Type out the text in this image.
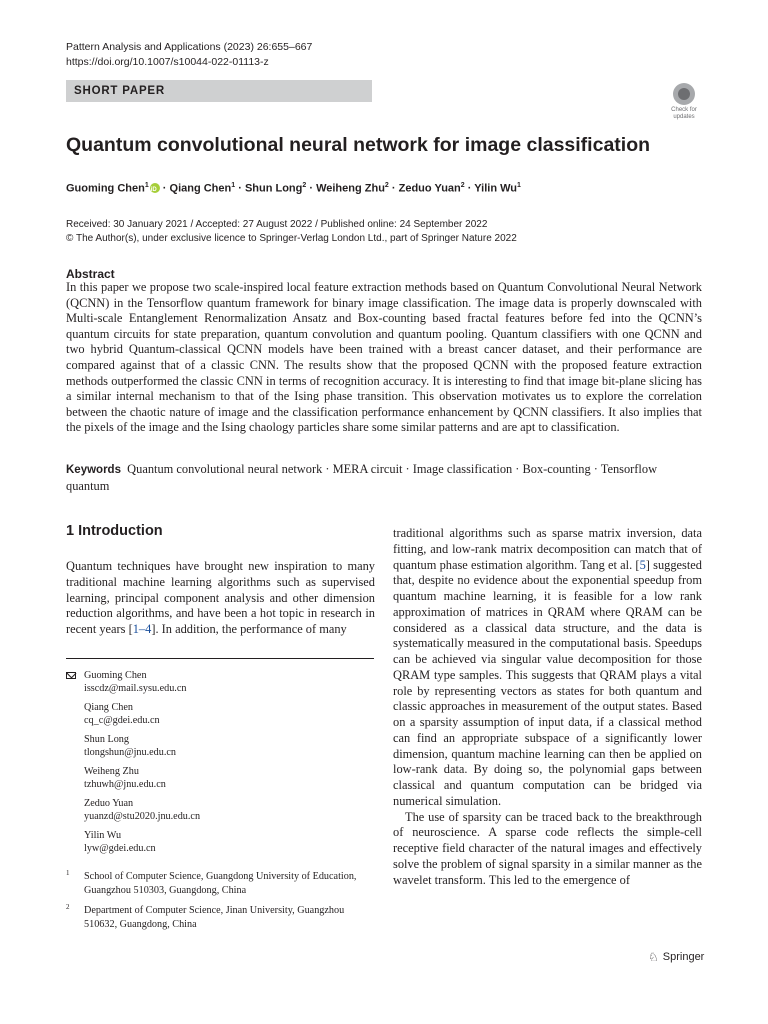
Pattern Analysis and Applications (2023) 26:655–667
https://doi.org/10.1007/s10044-022-01113-z
SHORT PAPER
Check for updates
Quantum convolutional neural network for image classification
Guoming Chen$^1$iD · Qiang Chen$^1$ · Shun Long$^2$ · Weiheng Zhu$^2$ · Zeduo Yuan$^2$ · Yilin Wu$^1$
Received: 30 January 2021 / Accepted: 27 August 2022 / Published online: 24 September 2022
© The Author(s), under exclusive licence to Springer-Verlag London Ltd., part of Springer Nature 2022
Abstract

In this paper we propose two scale-inspired local feature extraction methods based on Quantum Convolutional Neural Network (QCNN) in the Tensorflow quantum framework for binary image classification. The image data is properly downscaled with Multi-scale Entanglement Renormalization Ansatz and Box-counting based fractal features before fed into the QCNN’s quantum circuits for state preparation, quantum convolution and quantum pooling. Quantum classifiers with one QCNN and two hybrid Quantum-classical QCNN models have been trained with a breast cancer dataset, and their performance are compared against that of a classic CNN. The results show that the proposed QCNN with the proposed feature extraction methods outperformed the classic CNN in terms of recognition accuracy. It is interesting to find that image bit-plane slicing has a similar internal mechanism to that of the Ising phase transition. This observation motivates us to explore the correlation between the chaotic nature of image and the classification performance enhancement by QCNN classifiers. It also implies that the pixels of the image and the Ising chaology particles share some similar patterns and are apt to classification.

Keywords Quantum convolutional neural network · MERA circuit · Image classification · Box-counting · Tensorflow quantum

1 Introduction

Quantum techniques have brought new inspiration to many traditional machine learning algorithms such as supervised learning, principal component analysis and other dimension reduction algorithms, and have been a hot topic in research in recent years [1–4]. In addition, the performance of many

Guoming Chen
isscdz@mail.sysu.edu.cn
Qiang Chen
cq_c@gdei.edu.cn
Shun Long
tlongshun@jnu.edu.cn
Weiheng Zhu
tzhuwh@jnu.edu.cn
Zeduo Yuan
yuanzd@stu2020.jnu.edu.cn
Yilin Wu
lyw@gdei.edu.cn
1 School of Computer Science, Guangdong University of Education, Guangzhou 510303, Guangdong, China
2 Department of Computer Science, Jinan University, Guangzhou 510632, Guangdong, China

traditional algorithms such as sparse matrix inversion, data fitting, and low-rank matrix decomposition can match that of quantum phase estimation algorithm. Tang et al. [5] suggested that, despite no evidence about the exponential speedup from quantum machine learning, it is feasible for a low rank approximation of matrices in QRAM where QRAM can be considered as a classical data structure, and the data is systematically measured in the computational basis. Speedups can be achieved via singular value decomposition for those QRAM type samples. This suggests that QRAM plays a vital role by representing vectors as states for both quantum and classic approaches in measurement of the output states. Based on a sparsity assumption of input data, if a classical method can find an appropriate subspace of a significantly lower dimension, quantum machine learning can then be applied on low-rank data. By doing so, the polynomial gaps between classical and quantum computation can be bridged via numerical simulation.

The use of sparsity can be traced back to the breakthrough of neuroscience. A sparse code reflects the simple-cell receptive field character of the natural images and effectively solve the problem of signal sparsity in a similar manner as the wavelet transform. This led to the emergence of

♘ Springer
